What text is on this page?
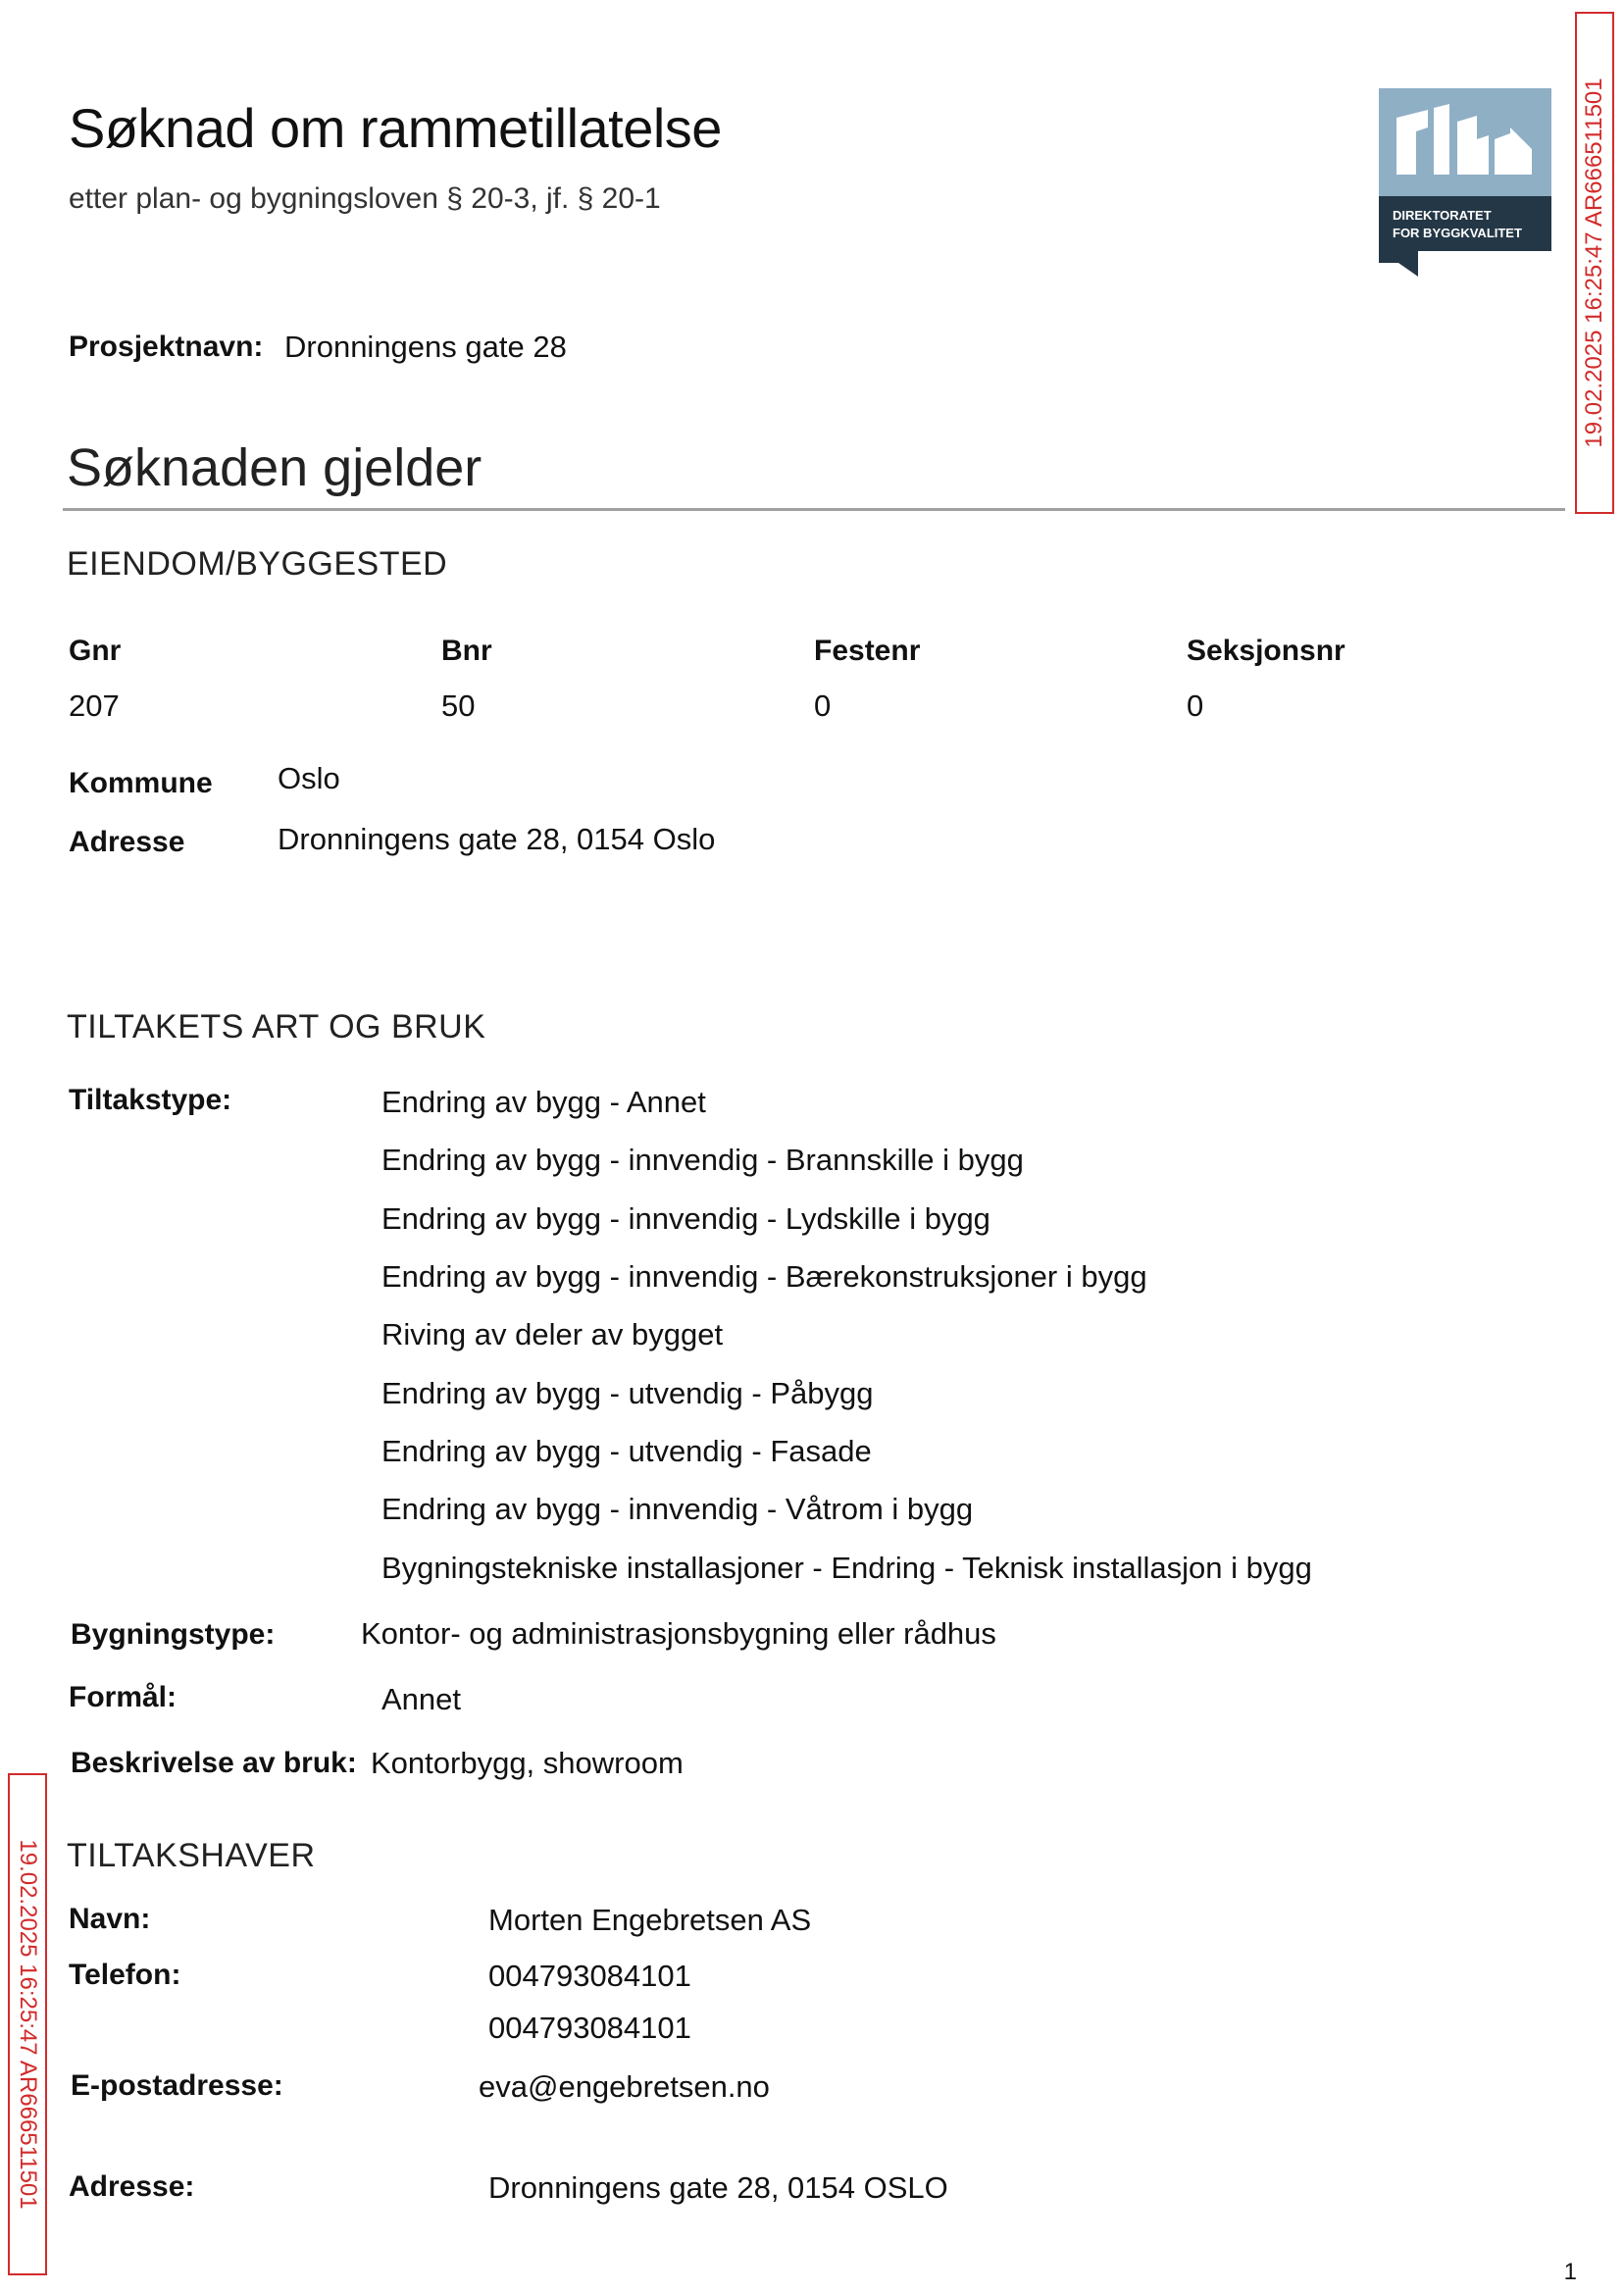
Søknad om rammetillatelse
etter plan- og bygningsloven § 20-3, jf. § 20-1
DIREKTORATET
FOR BYGGKVALITET	19.02.2025 16:25:47 AR666511501
19.02.2025 16:25:47 AR666511501
Prosjektnavn: Dronningens gate 28
Søknaden gjelder
EIENDOM/BYGGESTED
Gnr	Bnr	Festenr	Seksjonsnr
207	50	0	0
Kommune Oslo
Adresse	Dronningens gate 28, 0154 Oslo
TILTAKETS ART OG BRUK
Tiltakstype:	Endring av bygg - Annet
Endring av bygg - innvendig - Brannskille i bygg
Endring av bygg - innvendig - Lydskille i bygg
Endring av bygg - innvendig - Bærekonstruksjoner i bygg
Riving av deler av bygget
Endring av bygg - utvendig - Påbygg
Endring av bygg - utvendig - Fasade
Endring av bygg - innvendig - Våtrom i bygg
Bygningstekniske installasjoner - Endring - Teknisk installasjon i bygg
Bygningstype:	Kontor- og administrasjonsbygning eller rådhus
Formål:	Annet
Beskrivelse av bruk: Kontorbygg, showroom
TILTAKSHAVER
Navn:	Morten Engebretsen AS
Telefon:	004793084101
004793084101
E-postadresse:	eva@engebretsen.no
Adresse:	Dronningens gate 28, 0154 OSLO
1
